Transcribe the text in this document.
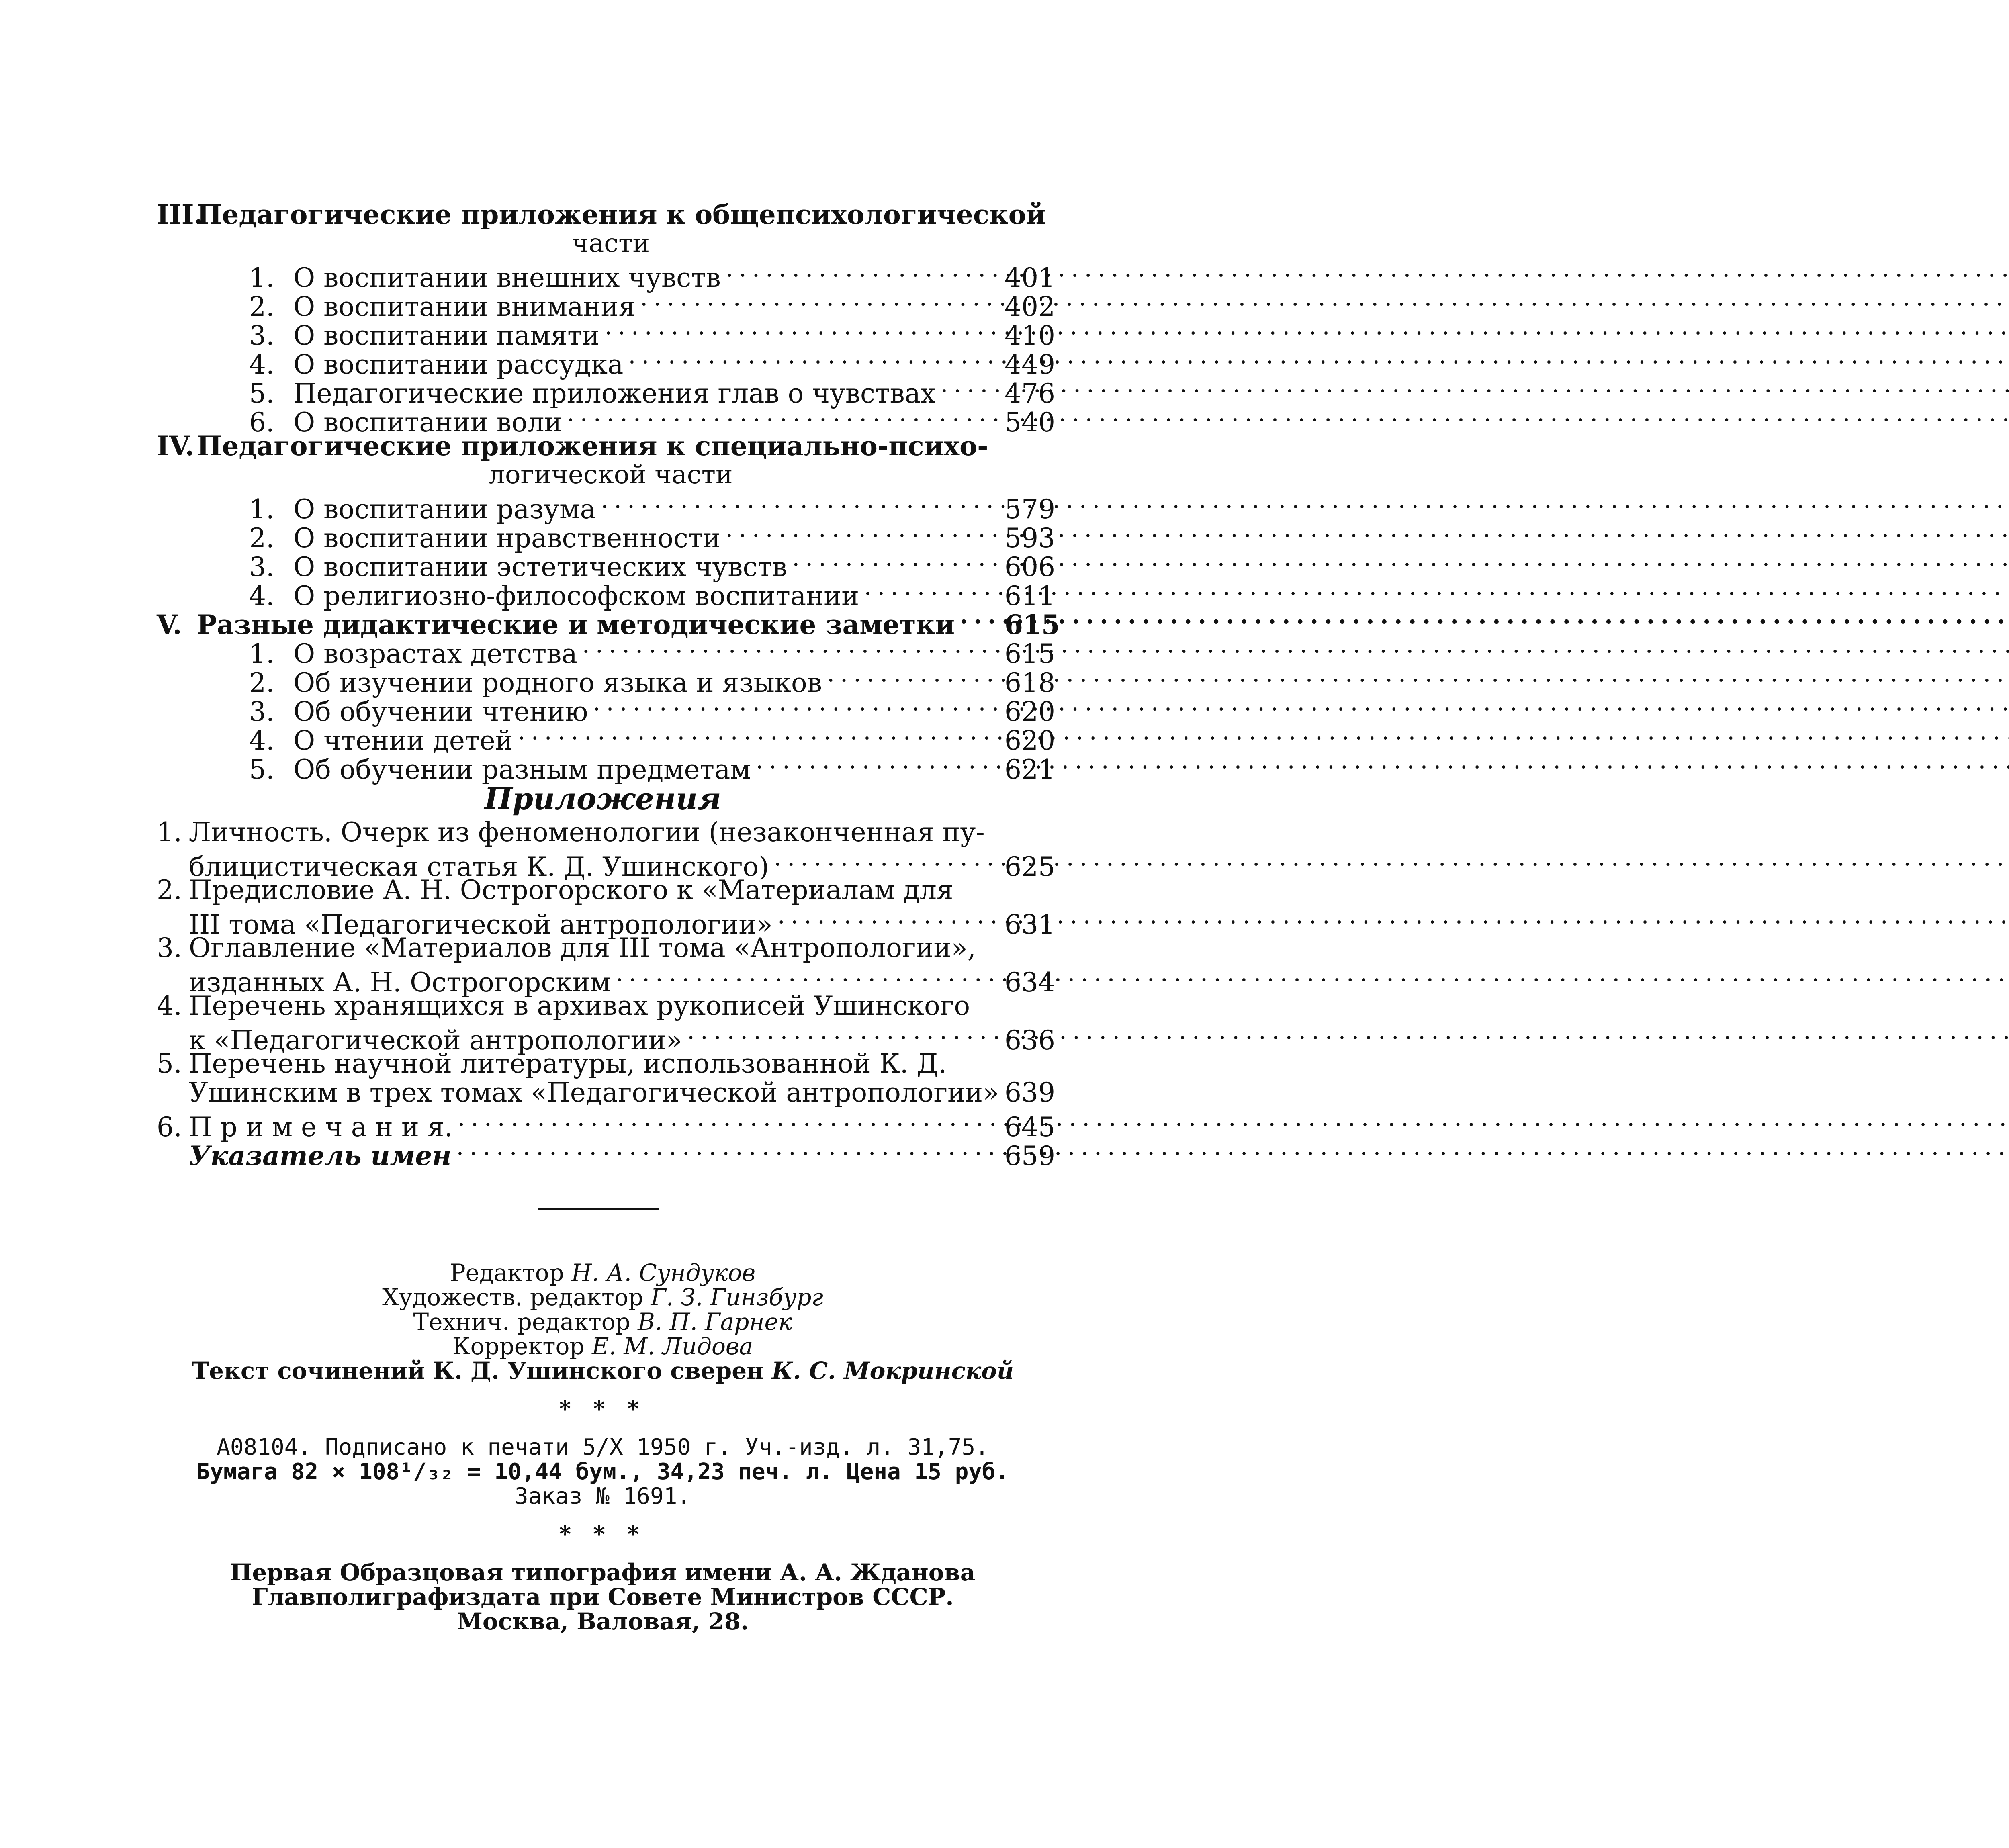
III.
Педагогические приложения к общепсихологической
части
1. О воспитании внешних чувств .....	401
2. О воспитании внимания .....	402
3. О воспитании памяти .....	410
4. О воспитании рассудка .....	449
5. Педагогические приложения глав о чувствах .....	476
6. О воспитании воли .....	540
IV. Педагогические приложения к специально-психо-
логической части
1. О воспитании разума .....	579
2. О воспитании нравственности .....	593
3. О воспитании эстетических чувств .....	606
4. О религиозно-философском воспитании .....	611
V. Разные дидактические и методические заметки ..... 615
1. О возрастах детства .....	615
2. Об изучении родного языка и языков .....	618
3. Об обучении чтению .....	620
4. О чтении детей .....	620
5. Об обучении разным предметам .....	621
Приложения
1. Личность. Очерк из феноменологии (незаконченная пу-
блицистическая статья К. Д. Ушинского) .....	625
2. Предисловие А. Н. Острогорского к «Материалам для
III тома «Педагогической антропологии» .....	631
3. Оглавление «Материалов для III тома «Антропологии»,
изданных А. Н. Острогорским .....	634
4. Перечень хранящихся в архивах рукописей Ушинского
к «Педагогической антропологии» .....	636
5. Перечень научной литературы, использованной К. Д.
Ушинским в трех томах «Педагогической антропологии» 639
6. П р и м е ч а н и я. .....	645
Указатель имен .....	659
Редактор Н. А. Сундуков
Художеств. редактор Г. З. Гинзбург
Технич. редактор В. П. Гарнек
Корректор Е. М. Лидова
Текст сочинений К. Д. Ушинского сверен К. С. Мокринской
* * *
А08104. Подписано к печати 5/X 1950 г. Уч.-изд. л. 31,75.
Бумага 82 × 108¹/₃₂ = 10,44 бум., 34,23 печ. л. Цена 15 руб.
Заказ № 1691.
* * *
Первая Образцовая типография имени А. А. Жданова
Главполиграфиздата при Совете Министров СССР.
Москва, Валовая, 28.
